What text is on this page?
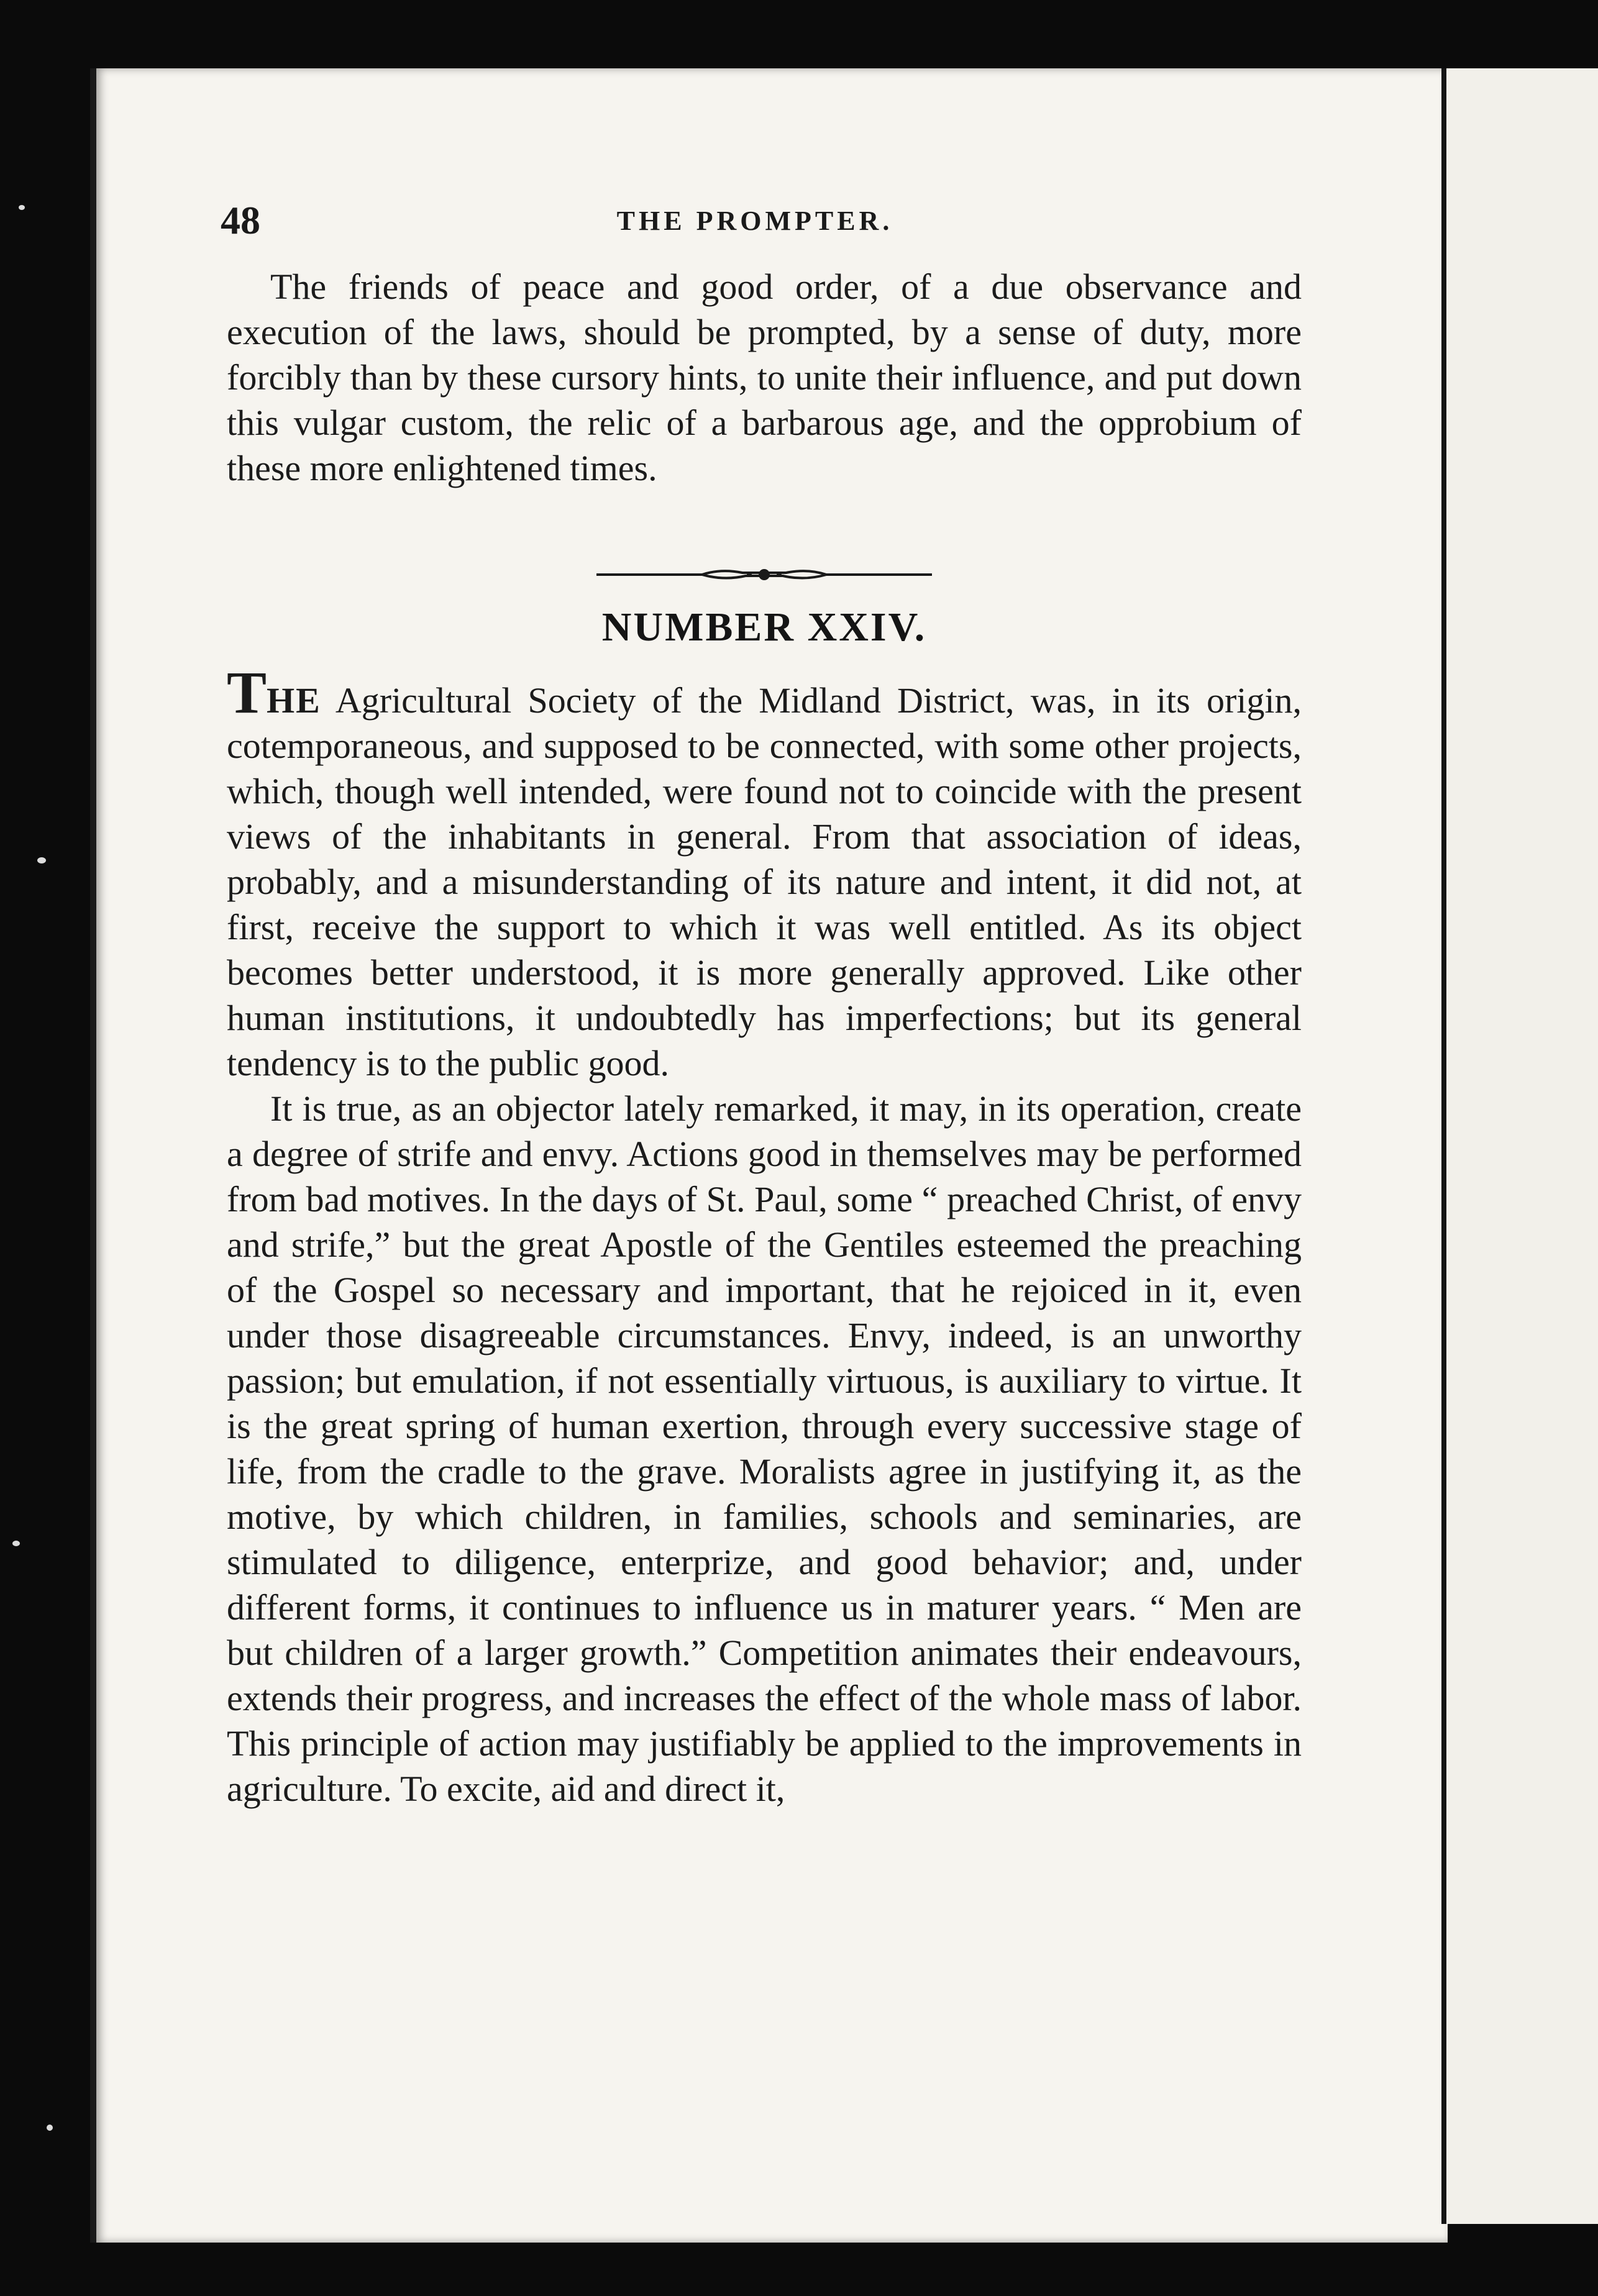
48	THE PROMPTER.

The friends of peace and good order, of a due observance and execution of the laws, should be prompted, by a sense of duty, more forcibly than by these cursory hints, to unite their influence, and put down this vulgar custom, the relic of a barbarous age, and the opprobium of these more enlightened times.

NUMBER XXIV.

THE Agricultural Society of the Midland District, was, in its origin, cotemporaneous, and supposed to be connected, with some other projects, which, though well intended, were found not to coincide with the present views of the inhabitants in general. From that association of ideas, probably, and a misunderstanding of its nature and intent, it did not, at first, receive the support to which it was well entitled. As its object becomes better understood, it is more generally approved. Like other human institutions, it undoubtedly has imperfections; but its general tendency is to the public good.

It is true, as an objector lately remarked, it may, in its operation, create a degree of strife and envy. Actions good in themselves may be performed from bad motives. In the days of St. Paul, some “ preached Christ, of envy and strife,” but the great Apostle of the Gentiles esteemed the preaching of the Gospel so necessary and important, that he rejoiced in it, even under those disagreeable circumstances. Envy, indeed, is an unworthy passion; but emulation, if not essentially virtuous, is auxiliary to virtue. It is the great spring of human exertion, through every successive stage of life, from the cradle to the grave. Moralists agree in justifying it, as the motive, by which children, in families, schools and seminaries, are stimulated to diligence, enterprize, and good behavior; and, under different forms, it continues to influence us in maturer years. “ Men are but children of a larger growth.” Competition animates their endeavours, extends their progress, and increases the effect of the whole mass of labor. This principle of action may justifiably be applied to the improvements in agriculture. To excite, aid and direct it,
